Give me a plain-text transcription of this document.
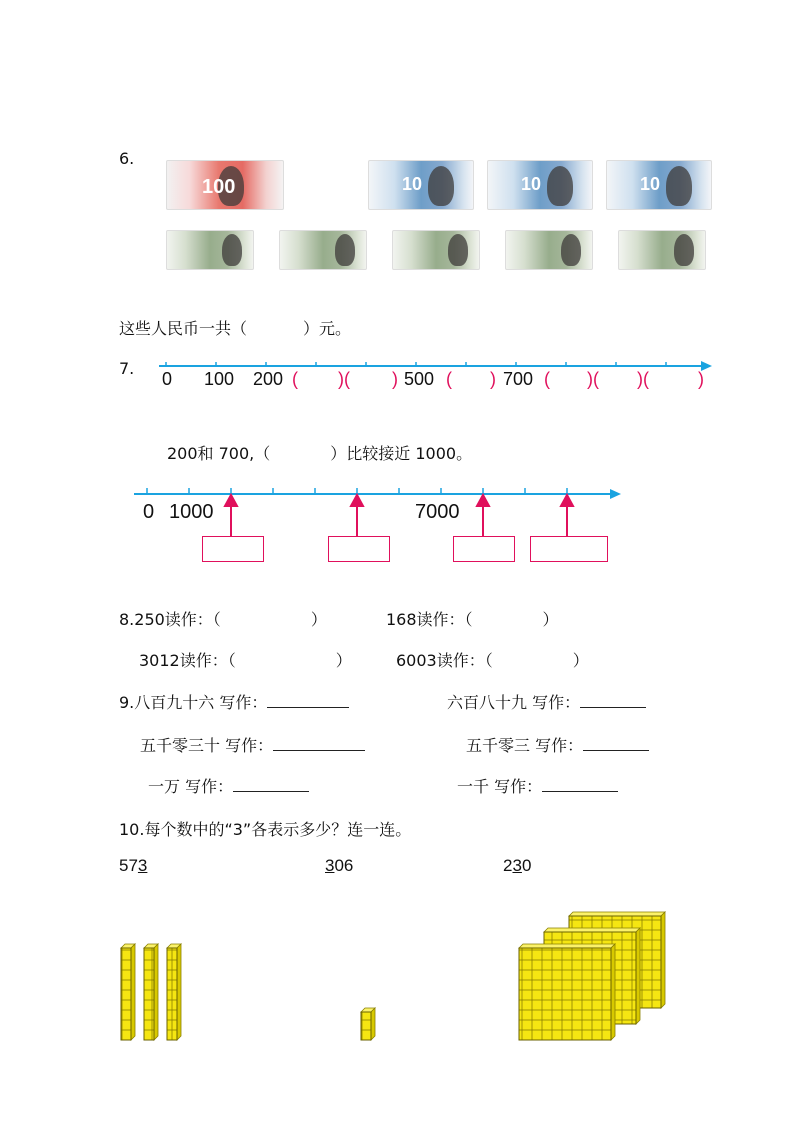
6.
100	10	10	10
这些人民币一共（	）元。
7.
0 100 200 ( )( ) 500 ( ) 700 ( )( )(	)
200和 700,（	）比较接近 1000。
0 1000	7000
8.250读作：（	）	168读作：（	）
3012读作：（	）	6003读作：（	）
9.八百九十六 写作：	六百八十九 写作：
五千零三十 写作：	五千零三 写作：
一万 写作：	一千 写作：
10.每个数中的“3”各表示多少？连一连。
573	306	230
